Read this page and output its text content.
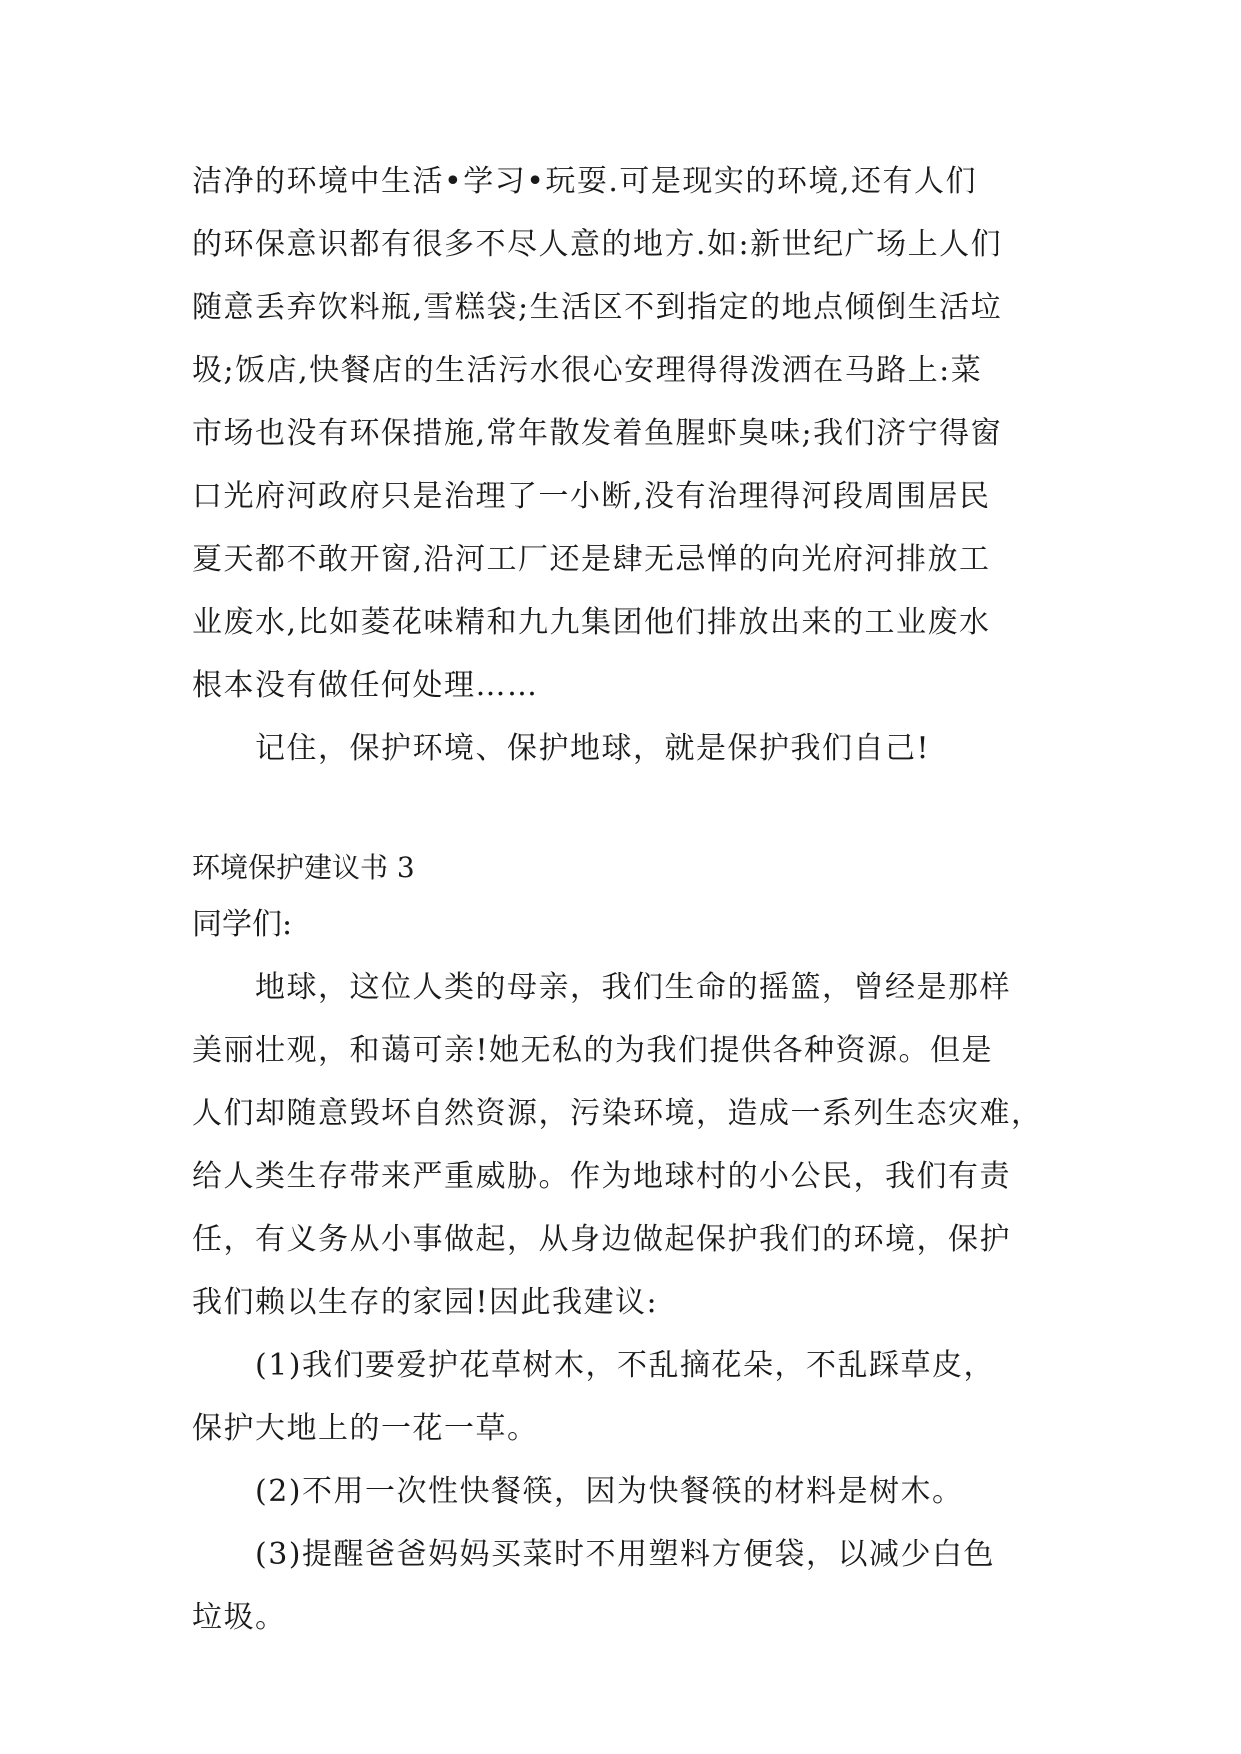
洁净的环境中生活•学习•玩耍.可是现实的环境,还有人们
的环保意识都有很多不尽人意的地方.如:新世纪广场上人们
随意丢弃饮料瓶,雪糕袋;生活区不到指定的地点倾倒生活垃
圾;饭店,快餐店的生活污水很心安理得得泼洒在马路上:菜
市场也没有环保措施,常年散发着鱼腥虾臭味;我们济宁得窗
口光府河政府只是治理了一小断,没有治理得河段周围居民
夏天都不敢开窗,沿河工厂还是肆无忌惮的向光府河排放工
业废水,比如菱花味精和九九集团他们排放出来的工业废水
根本没有做任何处理……
记住，保护环境、保护地球，就是保护我们自己!
环境保护建议书 3
同学们:
地球，这位人类的母亲，我们生命的摇篮，曾经是那样
美丽壮观，和蔼可亲!她无私的为我们提供各种资源。但是
人们却随意毁坏自然资源，污染环境，造成一系列生态灾难，
给人类生存带来严重威胁。作为地球村的小公民，我们有责
任，有义务从小事做起，从身边做起保护我们的环境，保护
我们赖以生存的家园!因此我建议:
(1)我们要爱护花草树木，不乱摘花朵，不乱踩草皮，
保护大地上的一花一草。
(2)不用一次性快餐筷，因为快餐筷的材料是树木。
(3)提醒爸爸妈妈买菜时不用塑料方便袋，以减少白色
垃圾。
